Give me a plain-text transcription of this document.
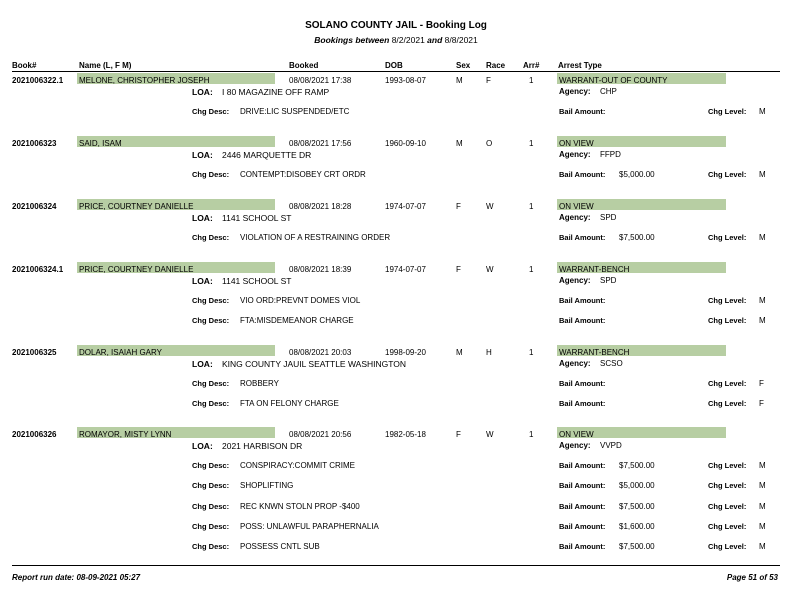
SOLANO COUNTY JAIL - Booking Log
Bookings between 8/2/2021 and 8/8/2021
Book#	Name (L, F M)	Booked	DOB	Sex Race Arr# Arrest Type
2021006322.1 MELONE, CHRISTOPHER JOSEPH	08/08/2021 17:38	1993-08-07	M	F	1	WARRANT-OUT OF COUNTY
LOA: I 80 MAGAZINE OFF RAMP	Agency: CHP
Chg Desc: DRIVE:LIC SUSPENDED/ETC	Bail Amount:	Chg Level: M
2021006323	SAID, ISAM	08/08/2021 17:56	1960-09-10	M	O	1	ON VIEW
LOA: 2446 MARQUETTE DR	Agency: FFPD
Chg Desc: CONTEMPT:DISOBEY CRT ORDR	Bail Amount: $5,000.00	Chg Level: M
2021006324	PRICE, COURTNEY DANIELLE	08/08/2021 18:28	1974-07-07	F	W	1	ON VIEW
LOA: 1141 SCHOOL ST	Agency: SPD
Chg Desc: VIOLATION OF A RESTRAINING ORDER	Bail Amount: $7,500.00	Chg Level: M
2021006324.1 PRICE, COURTNEY DANIELLE	08/08/2021 18:39	1974-07-07	F	W	1	WARRANT-BENCH
LOA: 1141 SCHOOL ST	Agency: SPD
Chg Desc: VIO ORD:PREVNT DOMES VIOL	Bail Amount:	Chg Level: M
Chg Desc: FTA:MISDEMEANOR CHARGE	Bail Amount:	Chg Level: M
2021006325	DOLAR, ISAIAH GARY	08/08/2021 20:03	1998-09-20	M	H	1	WARRANT-BENCH
LOA: KING COUNTY JAUIL SEATTLE WASHINGTON	Agency: SCSO
Chg Desc: ROBBERY	Bail Amount:	Chg Level: F
Chg Desc: FTA ON FELONY CHARGE	Bail Amount:	Chg Level: F
2021006326	ROMAYOR, MISTY LYNN	08/08/2021 20:56	1982-05-18	F	W	1	ON VIEW
LOA: 2021 HARBISON DR	Agency: VVPD
Chg Desc: CONSPIRACY:COMMIT CRIME	Bail Amount: $7,500.00	Chg Level: M
Chg Desc: SHOPLIFTING	Bail Amount: $5,000.00	Chg Level: M
Chg Desc: REC KNWN STOLN PROP -$400	Bail Amount: $7,500.00	Chg Level: M
Chg Desc: POSS: UNLAWFUL PARAPHERNALIA	Bail Amount: $1,600.00	Chg Level: M
Chg Desc: POSSESS CNTL SUB	Bail Amount: $7,500.00	Chg Level: M
Report run date: 08-09-2021 05:27	Page 51 of 53
